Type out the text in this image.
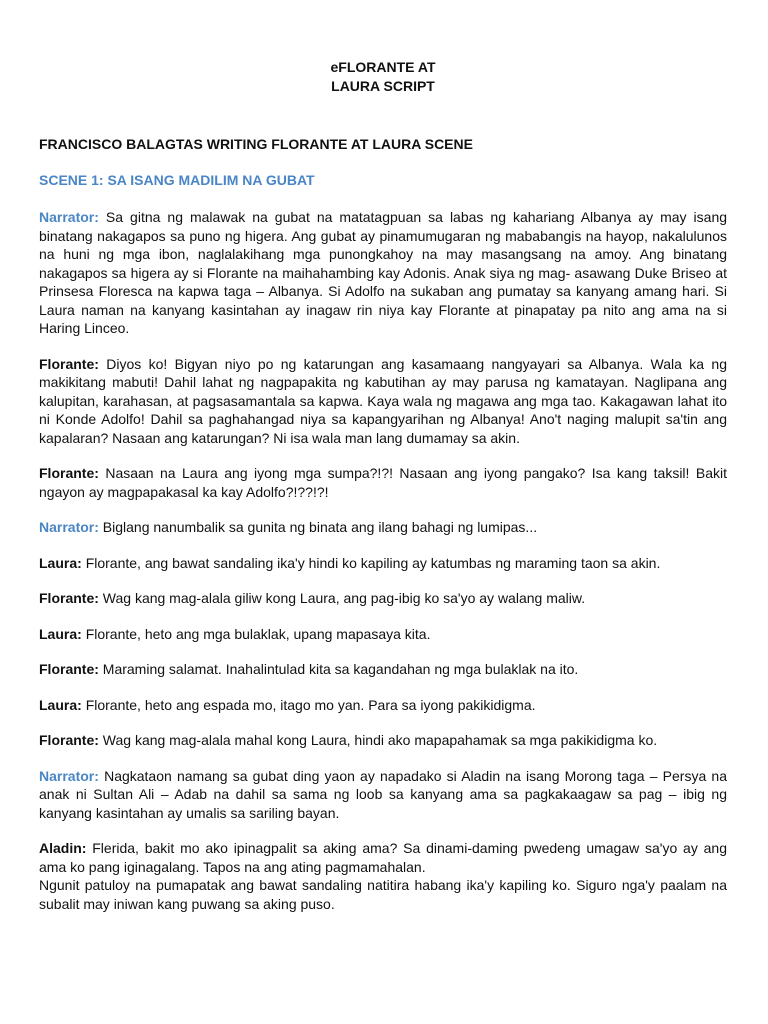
eFLORANTE AT

LAURA SCRIPT

FRANCISCO BALAGTAS WRITING FLORANTE AT LAURA SCENE

SCENE 1: SA ISANG MADILIM NA GUBAT

Narrator: Sa gitna ng malawak na gubat na matatagpuan sa labas ng kahariang Albanya ay may isang binatang nakagapos sa puno ng higera. Ang gubat ay pinamumugaran ng mababangis na hayop, nakalulunos na huni ng mga ibon, naglalakihang mga punongkahoy na may masangsang na amoy. Ang binatang nakagapos sa higera ay si Florante na maihahambing kay Adonis. Anak siya ng mag- asawang Duke Briseo at Prinsesa Floresca na kapwa taga – Albanya. Si Adolfo na sukaban ang pumatay sa kanyang amang hari. Si Laura naman na kanyang kasintahan ay inagaw rin niya kay Florante at pinapatay pa nito ang ama na si Haring Linceo.

Florante: Diyos ko! Bigyan niyo po ng katarungan ang kasamaang nangyayari sa Albanya. Wala ka ng makikitang mabuti! Dahil lahat ng nagpapakita ng kabutihan ay may parusa ng kamatayan. Naglipana ang kalupitan, karahasan, at pagsasamantala sa kapwa. Kaya wala ng magawa ang mga tao. Kakagawan lahat ito ni Konde Adolfo! Dahil sa paghahangad niya sa kapangyarihan ng Albanya! Ano't naging malupit sa'tin ang kapalaran? Nasaan ang katarungan? Ni isa wala man lang dumamay sa akin.

Florante: Nasaan na Laura ang iyong mga sumpa?!?! Nasaan ang iyong pangako? Isa kang taksil! Bakit ngayon ay magpapakasal ka kay Adolfo?!??!?!

Narrator: Biglang nanumbalik sa gunita ng binata ang ilang bahagi ng lumipas...

Laura: Florante, ang bawat sandaling ika'y hindi ko kapiling ay katumbas ng maraming taon sa akin.

Florante: Wag kang mag-alala giliw kong Laura, ang pag-ibig ko sa'yo ay walang maliw.

Laura: Florante, heto ang mga bulaklak, upang mapasaya kita.

Florante: Maraming salamat. Inahalintulad kita sa kagandahan ng mga bulaklak na ito.

Laura: Florante, heto ang espada mo, itago mo yan. Para sa iyong pakikidigma.

Florante: Wag kang mag-alala mahal kong Laura, hindi ako mapapahamak sa mga pakikidigma ko.

Narrator: Nagkataon namang sa gubat ding yaon ay napadako si Aladin na isang Morong taga – Persya na anak ni Sultan Ali – Adab na dahil sa sama ng loob sa kanyang ama sa pagkakaagaw sa pag – ibig ng kanyang kasintahan ay umalis sa sariling bayan.

Aladin: Flerida, bakit mo ako ipinagpalit sa aking ama? Sa dinami-daming pwedeng umagaw sa'yo ay ang ama ko pang iginagalang. Tapos na ang ating pagmamahalan.
Ngunit patuloy na pumapatak ang bawat sandaling natitira habang ika'y kapiling ko. Siguro nga'y paalam na subalit may iniwan kang puwang sa aking puso.
